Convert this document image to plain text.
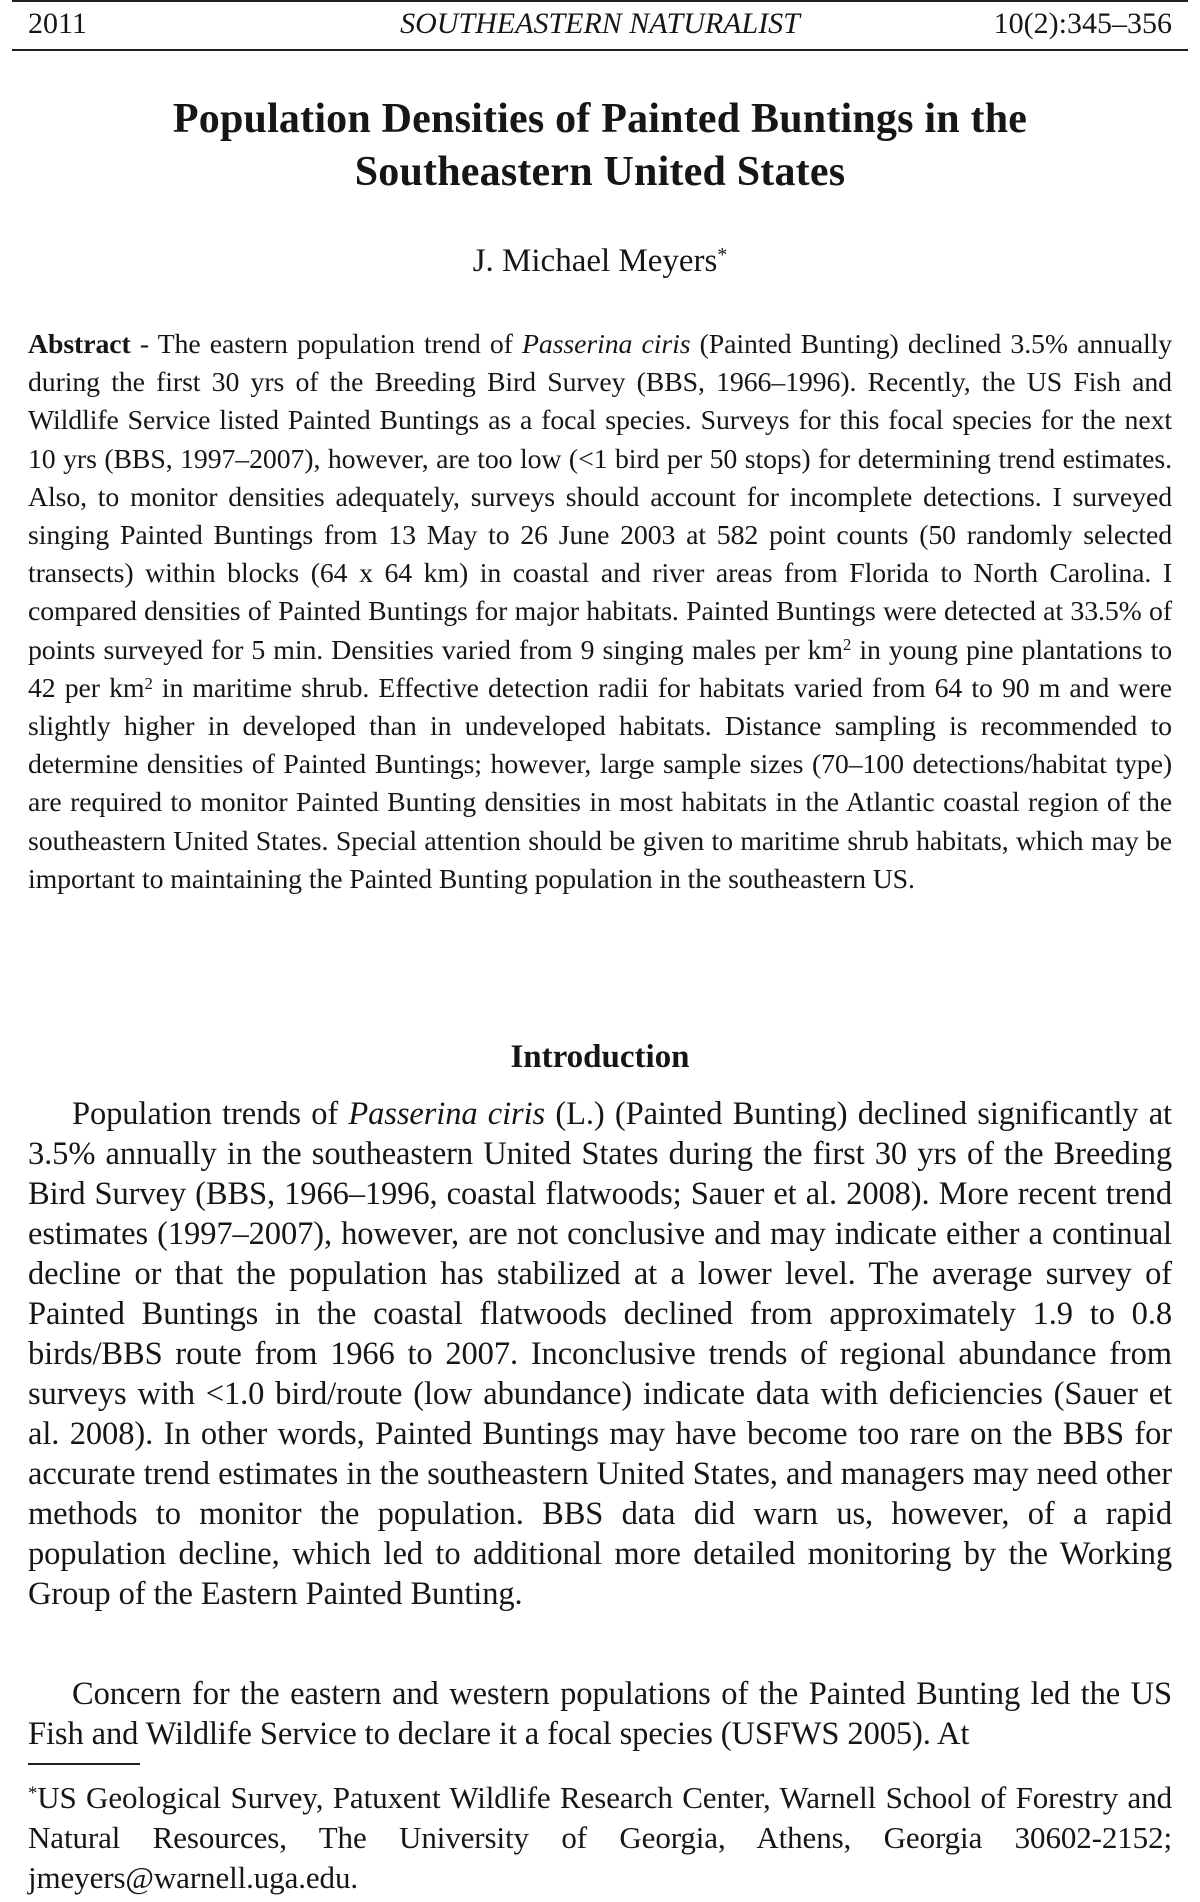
2011	SOUTHEASTERN NATURALIST	10(2):345–356
Population Densities of Painted Buntings in the
Southeastern United States
J. Michael Meyers*

Abstract - The eastern population trend of Passerina ciris (Painted Bunting) declined 3.5% annually during the first 30 yrs of the Breeding Bird Survey (BBS, 1966–1996). Recently, the US Fish and Wildlife Service listed Painted Buntings as a focal species. Surveys for this focal species for the next 10 yrs (BBS, 1997–2007), however, are too low (<1 bird per 50 stops) for determining trend estimates. Also, to monitor densities adequately, surveys should account for incomplete detections. I surveyed singing Painted Buntings from 13 May to 26 June 2003 at 582 point counts (50 randomly selected transects) within blocks (64 x 64 km) in coastal and river areas from Florida to North Carolina. I compared densities of Painted Buntings for major habitats. Painted Buntings were detected at 33.5% of points surveyed for 5 min. Densities varied from 9 singing males per $km^2$ in young pine plantations to 42 per $km^2$ in maritime shrub. Effective detection radii for habitats varied from 64 to 90 m and were slightly higher in developed than in undeveloped habitats. Distance sampling is recommended to determine densities of Painted Buntings; however, large sample sizes (70–100 detections/habitat type) are required to monitor Painted Bunting densities in most habitats in the Atlantic coastal region of the southeastern United States. Special attention should be given to maritime shrub habitats, which may be important to maintaining the Painted Bunting population in the southeastern US.

Introduction

Population trends of Passerina ciris (L.) (Painted Bunting) declined significantly at 3.5% annually in the southeastern United States during the first 30 yrs of the Breeding Bird Survey (BBS, 1966–1996, coastal flatwoods; Sauer et al. 2008). More recent trend estimates (1997–2007), however, are not conclusive and may indicate either a continual decline or that the population has stabilized at a lower level. The average survey of Painted Buntings in the coastal flatwoods declined from approximately 1.9 to 0.8 birds/BBS route from 1966 to 2007. Inconclusive trends of regional abundance from surveys with <1.0 bird/route (low abundance) indicate data with deficiencies (Sauer et al. 2008). In other words, Painted Buntings may have become too rare on the BBS for accurate trend estimates in the southeastern United States, and managers may need other methods to monitor the population. BBS data did warn us, however, of a rapid population decline, which led to additional more detailed monitoring by the Working Group of the Eastern Painted Bunting.

Concern for the eastern and western populations of the Painted Bunting led the US Fish and Wildlife Service to declare it a focal species (USFWS 2005). At

*US Geological Survey, Patuxent Wildlife Research Center, Warnell School of Forestry and Natural Resources, The University of Georgia, Athens, Georgia 30602-2152; jmeyers@warnell.uga.edu.
